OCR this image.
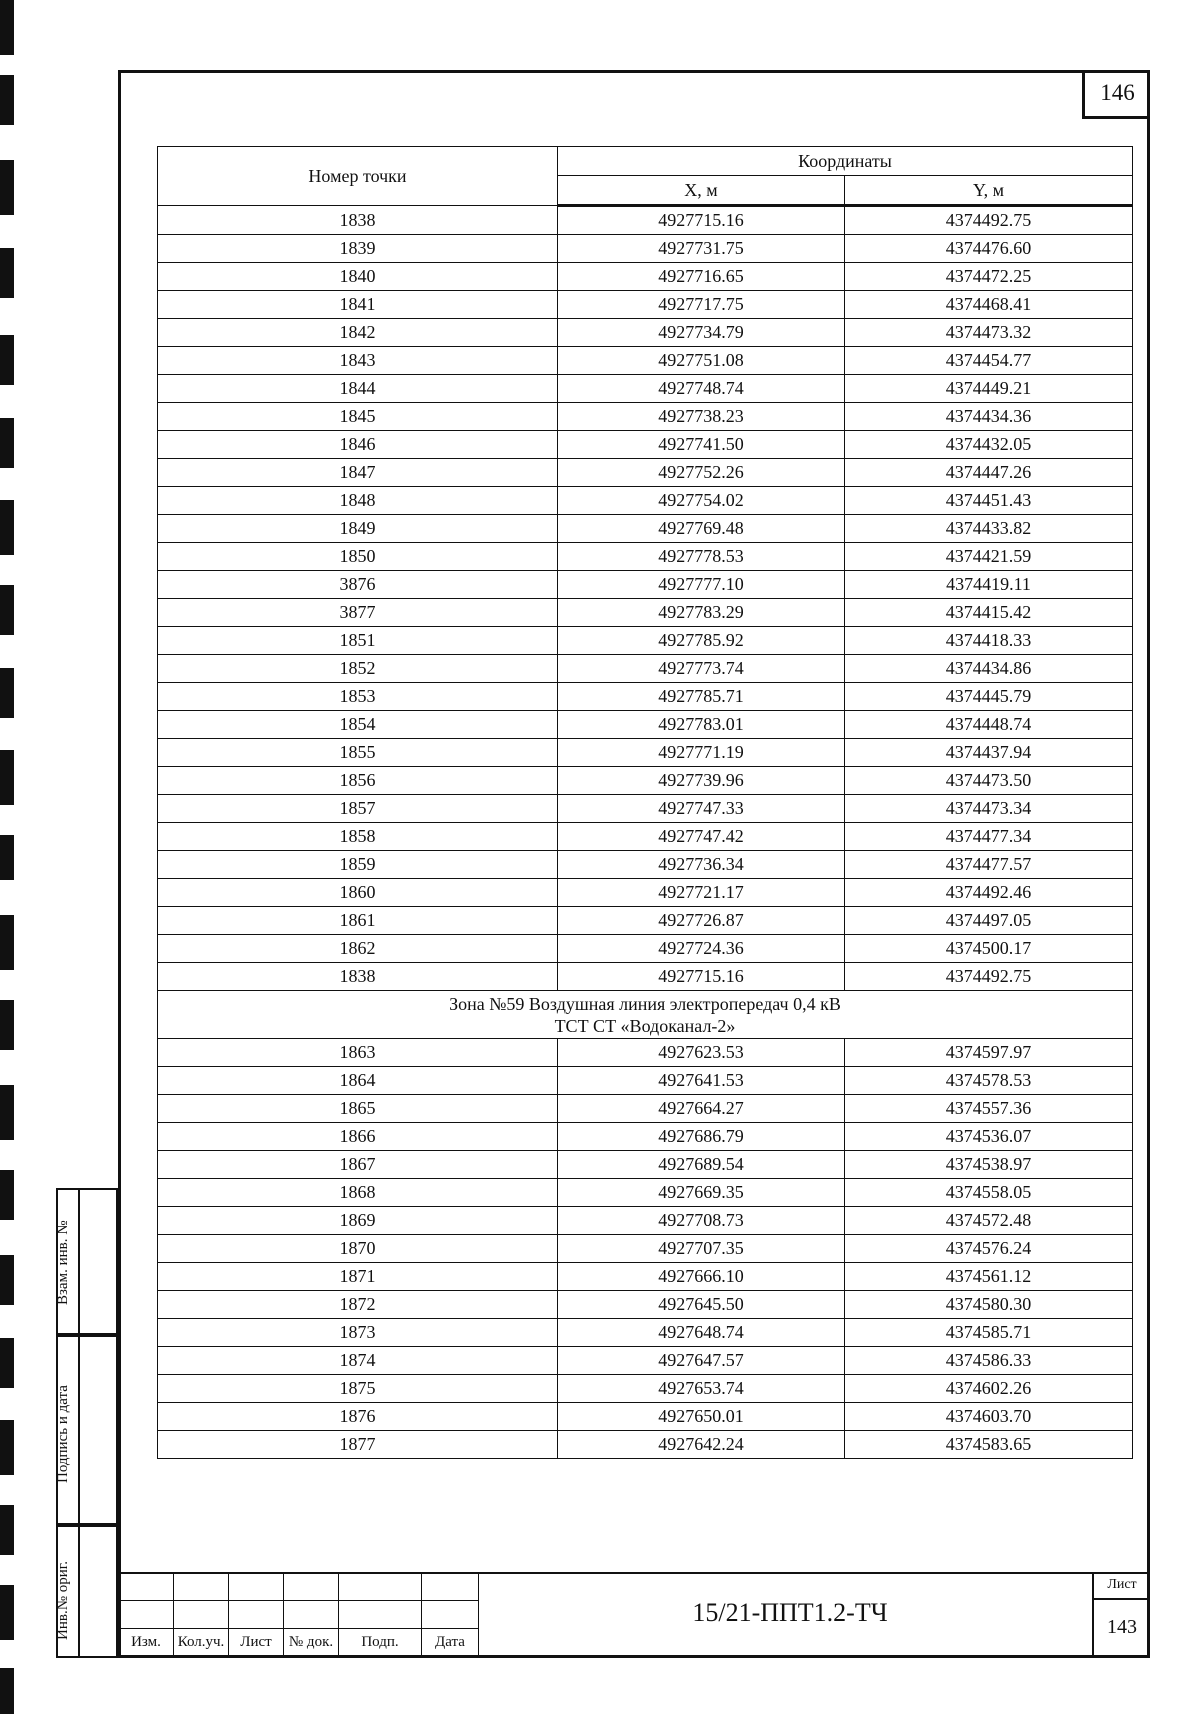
146
Номер точки	Координаты	
	X, м	Y, м
1838	4927715.16	4374492.75
1839	4927731.75	4374476.60
1840	4927716.65	4374472.25
1841	4927717.75	4374468.41
1842	4927734.79	4374473.32
1843	4927751.08	4374454.77
1844	4927748.74	4374449.21
1845	4927738.23	4374434.36
1846	4927741.50	4374432.05
1847	4927752.26	4374447.26
1848	4927754.02	4374451.43
1849	4927769.48	4374433.82
1850	4927778.53	4374421.59
3876	4927777.10	4374419.11
3877	4927783.29	4374415.42
1851	4927785.92	4374418.33
1852	4927773.74	4374434.86
1853	4927785.71	4374445.79
1854	4927783.01	4374448.74
1855	4927771.19	4374437.94
1856	4927739.96	4374473.50
1857	4927747.33	4374473.34
1858	4927747.42	4374477.34
1859	4927736.34	4374477.57
1860	4927721.17	4374492.46
1861	4927726.87	4374497.05
1862	4927724.36	4374500.17
1838	4927715.16	4374492.75

Зона №59 Воздушная линия электропередач 0,4 кВ
ТСТ СТ «Водоканал-2»		

1863	4927623.53	4374597.97
1864	4927641.53	4374578.53
1865	4927664.27	4374557.36
1866	4927686.79	4374536.07
1867	4927689.54	4374538.97
1868	4927669.35	4374558.05
1869	4927708.73	4374572.48
1870	4927707.35	4374576.24
1871	4927666.10	4374561.12
1872	4927645.50	4374580.30
1873	4927648.74	4374585.71
1874	4927647.57	4374586.33
1875	4927653.74	4374602.26
1876	4927650.01	4374603.70
1877	4927642.24	4374583.65
Взам. инв. №
Подпись и дата
Инв.№ ориг.

Изм.	Кол.уч.	Лист	№ док.	Подп.	Дата
15/21-ППТ1.2-ТЧ
Лист
143
